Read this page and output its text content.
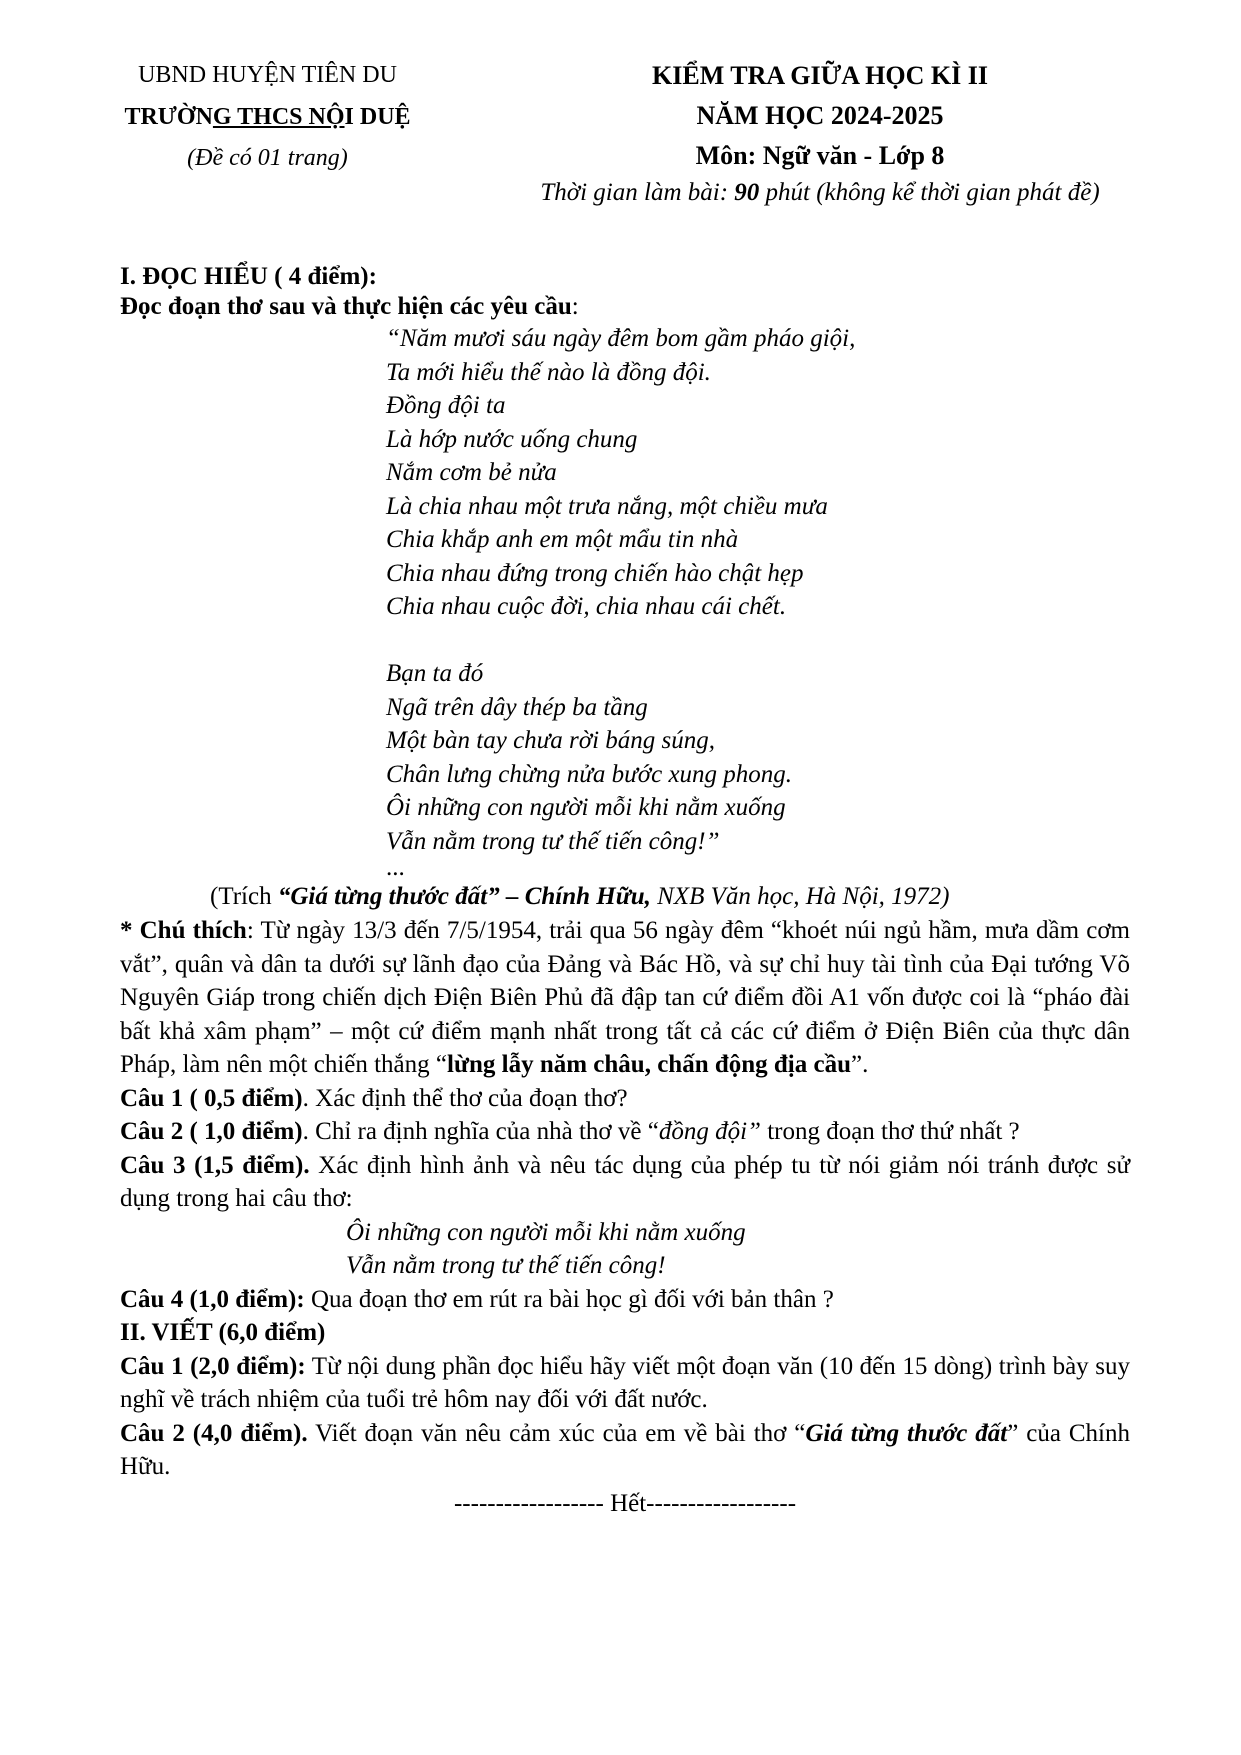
UBND HUYỆN TIÊN DU
TRƯỜNG THCS NỘI DUỆ
(Đề có 01 trang)
KIỂM TRA GIỮA HỌC KÌ II
NĂM HỌC 2024-2025
Môn: Ngữ văn - Lớp 8
Thời gian làm bài: 90 phút (không kể thời gian phát đề)
I. ĐỌC HIỂU ( 4 điểm):
Đọc đoạn thơ sau và thực hiện các yêu cầu:
“Năm mươi sáu ngày đêm bom gầm pháo giội,
Ta mới hiểu thế nào là đồng đội.
Đồng đội ta
Là hớp nước uống chung
Nắm cơm bẻ nửa
Là chia nhau một trưa nắng, một chiều mưa
Chia khắp anh em một mẩu tin nhà
Chia nhau đứng trong chiến hào chật hẹp
Chia nhau cuộc đời, chia nhau cái chết.
Bạn ta đó
Ngã trên dây thép ba tầng
Một bàn tay chưa rời báng súng,
Chân lưng chừng nửa bước xung phong.
Ôi những con người mỗi khi nằm xuống
Vẫn nằm trong tư thế tiến công!”
...
(Trích “Giá từng thước đất” – Chính Hữu, NXB Văn học, Hà Nội, 1972)
* Chú thích: Từ ngày 13/3 đến 7/5/1954, trải qua 56 ngày đêm “khoét núi ngủ hầm, mưa dầm cơm vắt”, quân và dân ta dưới sự lãnh đạo của Đảng và Bác Hồ, và sự chỉ huy tài tình của Đại tướng Võ Nguyên Giáp trong chiến dịch Điện Biên Phủ đã đập tan cứ điểm đồi A1 vốn được coi là “pháo đài bất khả xâm phạm” – một cứ điểm mạnh nhất trong tất cả các cứ điểm ở Điện Biên của thực dân Pháp, làm nên một chiến thắng “lừng lẫy năm châu, chấn động địa cầu”.
Câu 1 ( 0,5 điểm). Xác định thể thơ của đoạn thơ?
Câu 2 ( 1,0 điểm). Chỉ ra định nghĩa của nhà thơ về “đồng đội” trong đoạn thơ thứ nhất ?
Câu 3 (1,5 điểm). Xác định hình ảnh và nêu tác dụng của phép tu từ nói giảm nói tránh được sử dụng trong hai câu thơ:
Ôi những con người mỗi khi nằm xuống
Vẫn nằm trong tư thế tiến công!
Câu 4 (1,0 điểm): Qua đoạn thơ em rút ra bài học gì đối với bản thân ?
II. VIẾT (6,0 điểm)
Câu 1 (2,0 điểm): Từ nội dung phần đọc hiểu hãy viết một đoạn văn (10 đến 15 dòng) trình bày suy nghĩ về trách nhiệm của tuổi trẻ hôm nay đối với đất nước.
Câu 2 (4,0 điểm). Viết đoạn văn nêu cảm xúc của em về bài thơ “Giá từng thước đất” của Chính Hữu.
------------------ Hết------------------
